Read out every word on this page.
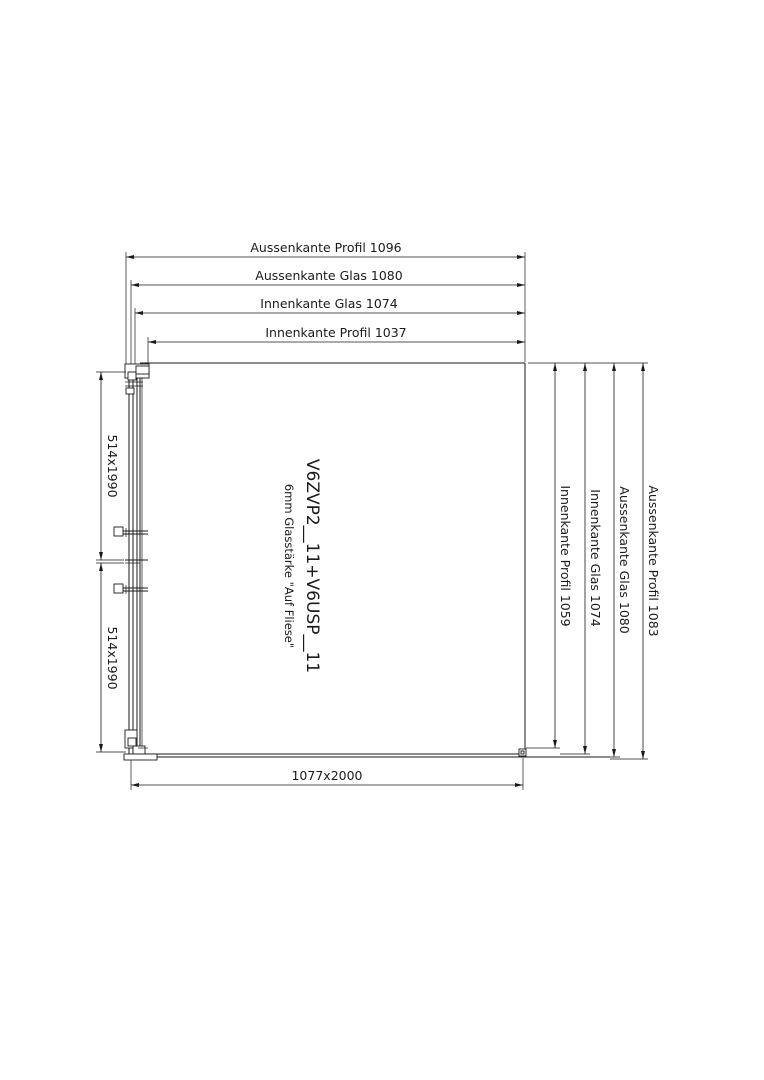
Aussenkante Profil 1096
Aussenkante Glas 1080
Innenkante Glas 1074
Innenkante Profil 1037
514x1990
514x1990
1077x2000
Innenkante Profil 1059 Innenkante Glas 1074 Aussenkante Glas 1080 Aussenkante Profil 1083
V6ZVP2__11+V6USP__11
6mm Glasstärke "Auf Fliese"
